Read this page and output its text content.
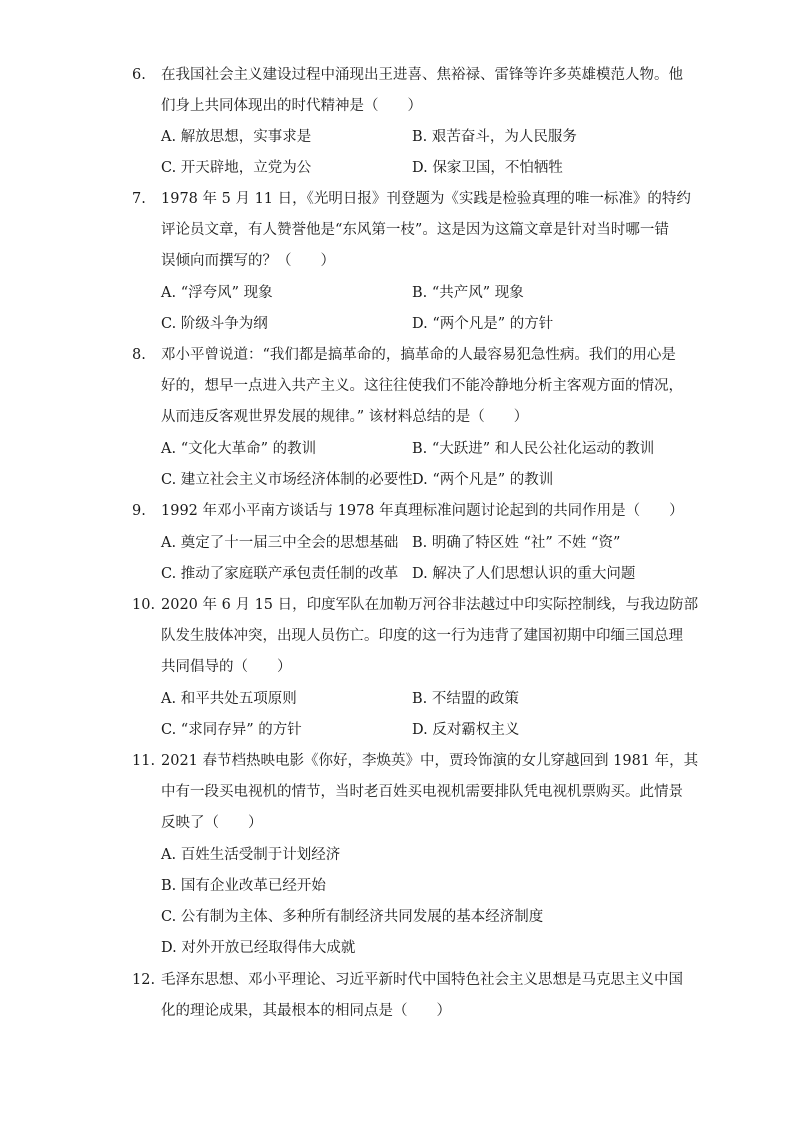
6.	在我国社会主义建设过程中涌现出王进喜、焦裕禄、雷锋等许多英雄模范人物。他
们身上共同体现出的时代精神是（　　）
A. 解放思想，实事求是	B. 艰苦奋斗，为人民服务
C. 开天辟地，立党为公	D. 保家卫国，不怕牺牲
7.	1978 年 5 月 11 日，《光明日报》刊登题为《实践是检验真理的唯一标准》的特约
评论员文章，有人赞誉他是“东风第一枝”。这是因为这篇文章是针对当时哪一错
误倾向而撰写的？（　　）
A. “浮夸风” 现象	B. “共产风” 现象
C. 阶级斗争为纲	D. “两个凡是” 的方针
8.	邓小平曾说道：“我们都是搞革命的，搞革命的人最容易犯急性病。我们的用心是
好的，想早一点进入共产主义。这往往使我们不能冷静地分析主客观方面的情况，
从而违反客观世界发展的规律。” 该材料总结的是（　　）
A. “文化大革命” 的教训	B. “大跃进” 和人民公社化运动的教训
C. 建立社会主义市场经济体制的必要性 D. “两个凡是” 的教训
9.	1992 年邓小平南方谈话与 1978 年真理标准问题讨论起到的共同作用是（　　）
A. 奠定了十一届三中全会的思想基础 B. 明确了特区姓 “社” 不姓 “资”
C. 推动了家庭联产承包责任制的改革 D. 解决了人们思想认识的重大问题
10. 2020 年 6 月 15 日，印度军队在加勒万河谷非法越过中印实际控制线，与我边防部
队发生肢体冲突，出现人员伤亡。印度的这一行为违背了建国初期中印缅三国总理
共同倡导的（　　）
A. 和平共处五项原则	B. 不结盟的政策
C. “求同存异” 的方针	D. 反对霸权主义
11. 2021 春节档热映电影《你好，李焕英》中，贾玲饰演的女儿穿越回到 1981 年，其
中有一段买电视机的情节，当时老百姓买电视机需要排队凭电视机票购买。此情景
反映了（　　）
A. 百姓生活受制于计划经济
B. 国有企业改革已经开始
C. 公有制为主体、多种所有制经济共同发展的基本经济制度
D. 对外开放已经取得伟大成就
12. 毛泽东思想、邓小平理论、习近平新时代中国特色社会主义思想是马克思主义中国
化的理论成果，其最根本的相同点是（　　）
